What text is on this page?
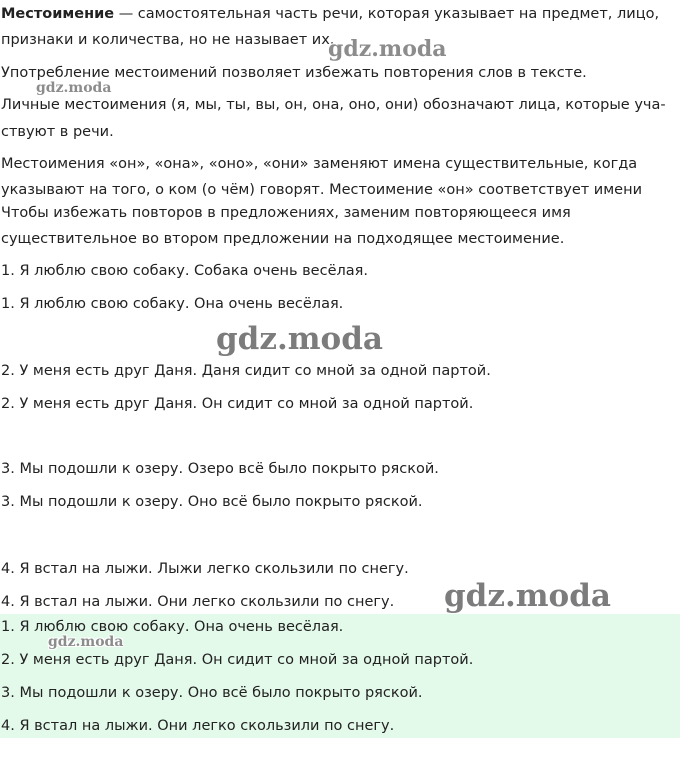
Местоимение — самостоятельная часть речи, которая указывает на предмет, лицо,
признаки и количества, но не называет их.
Употребление местоимений позволяет избежать повторения слов в тексте.
Личные местоимения (я, мы, ты, вы, он, она, оно, они) обозначают лица, которые уча-
ствуют в речи.
Местоимения «он», «она», «оно», «они» заменяют имена существительные, когда
указывают на того, о ком (о чём) говорят. Местоимение «он» соответствует имени
Чтобы избежать повторов в предложениях, заменим повторяющееся имя
существительное во втором предложении на подходящее местоимение.
1. Я люблю свою собаку. Собака очень весёлая.
1. Я люблю свою собаку. Она очень весёлая.
2. У меня есть друг Даня. Даня сидит со мной за одной партой.
2. У меня есть друг Даня. Он сидит со мной за одной партой.
3. Мы подошли к озеру. Озеро всё было покрыто ряской.
3. Мы подошли к озеру. Оно всё было покрыто ряской.
4. Я встал на лыжи. Лыжи легко скользили по снегу.
4. Я встал на лыжи. Они легко скользили по снегу.
1. Я люблю свою собаку. Она очень весёлая.
2. У меня есть друг Даня. Он сидит со мной за одной партой.
3. Мы подошли к озеру. Оно всё было покрыто ряской.
4. Я встал на лыжи. Они легко скользили по снегу.
gdz.moda
gdz.moda
gdz.moda
gdz.moda
gdz.moda
